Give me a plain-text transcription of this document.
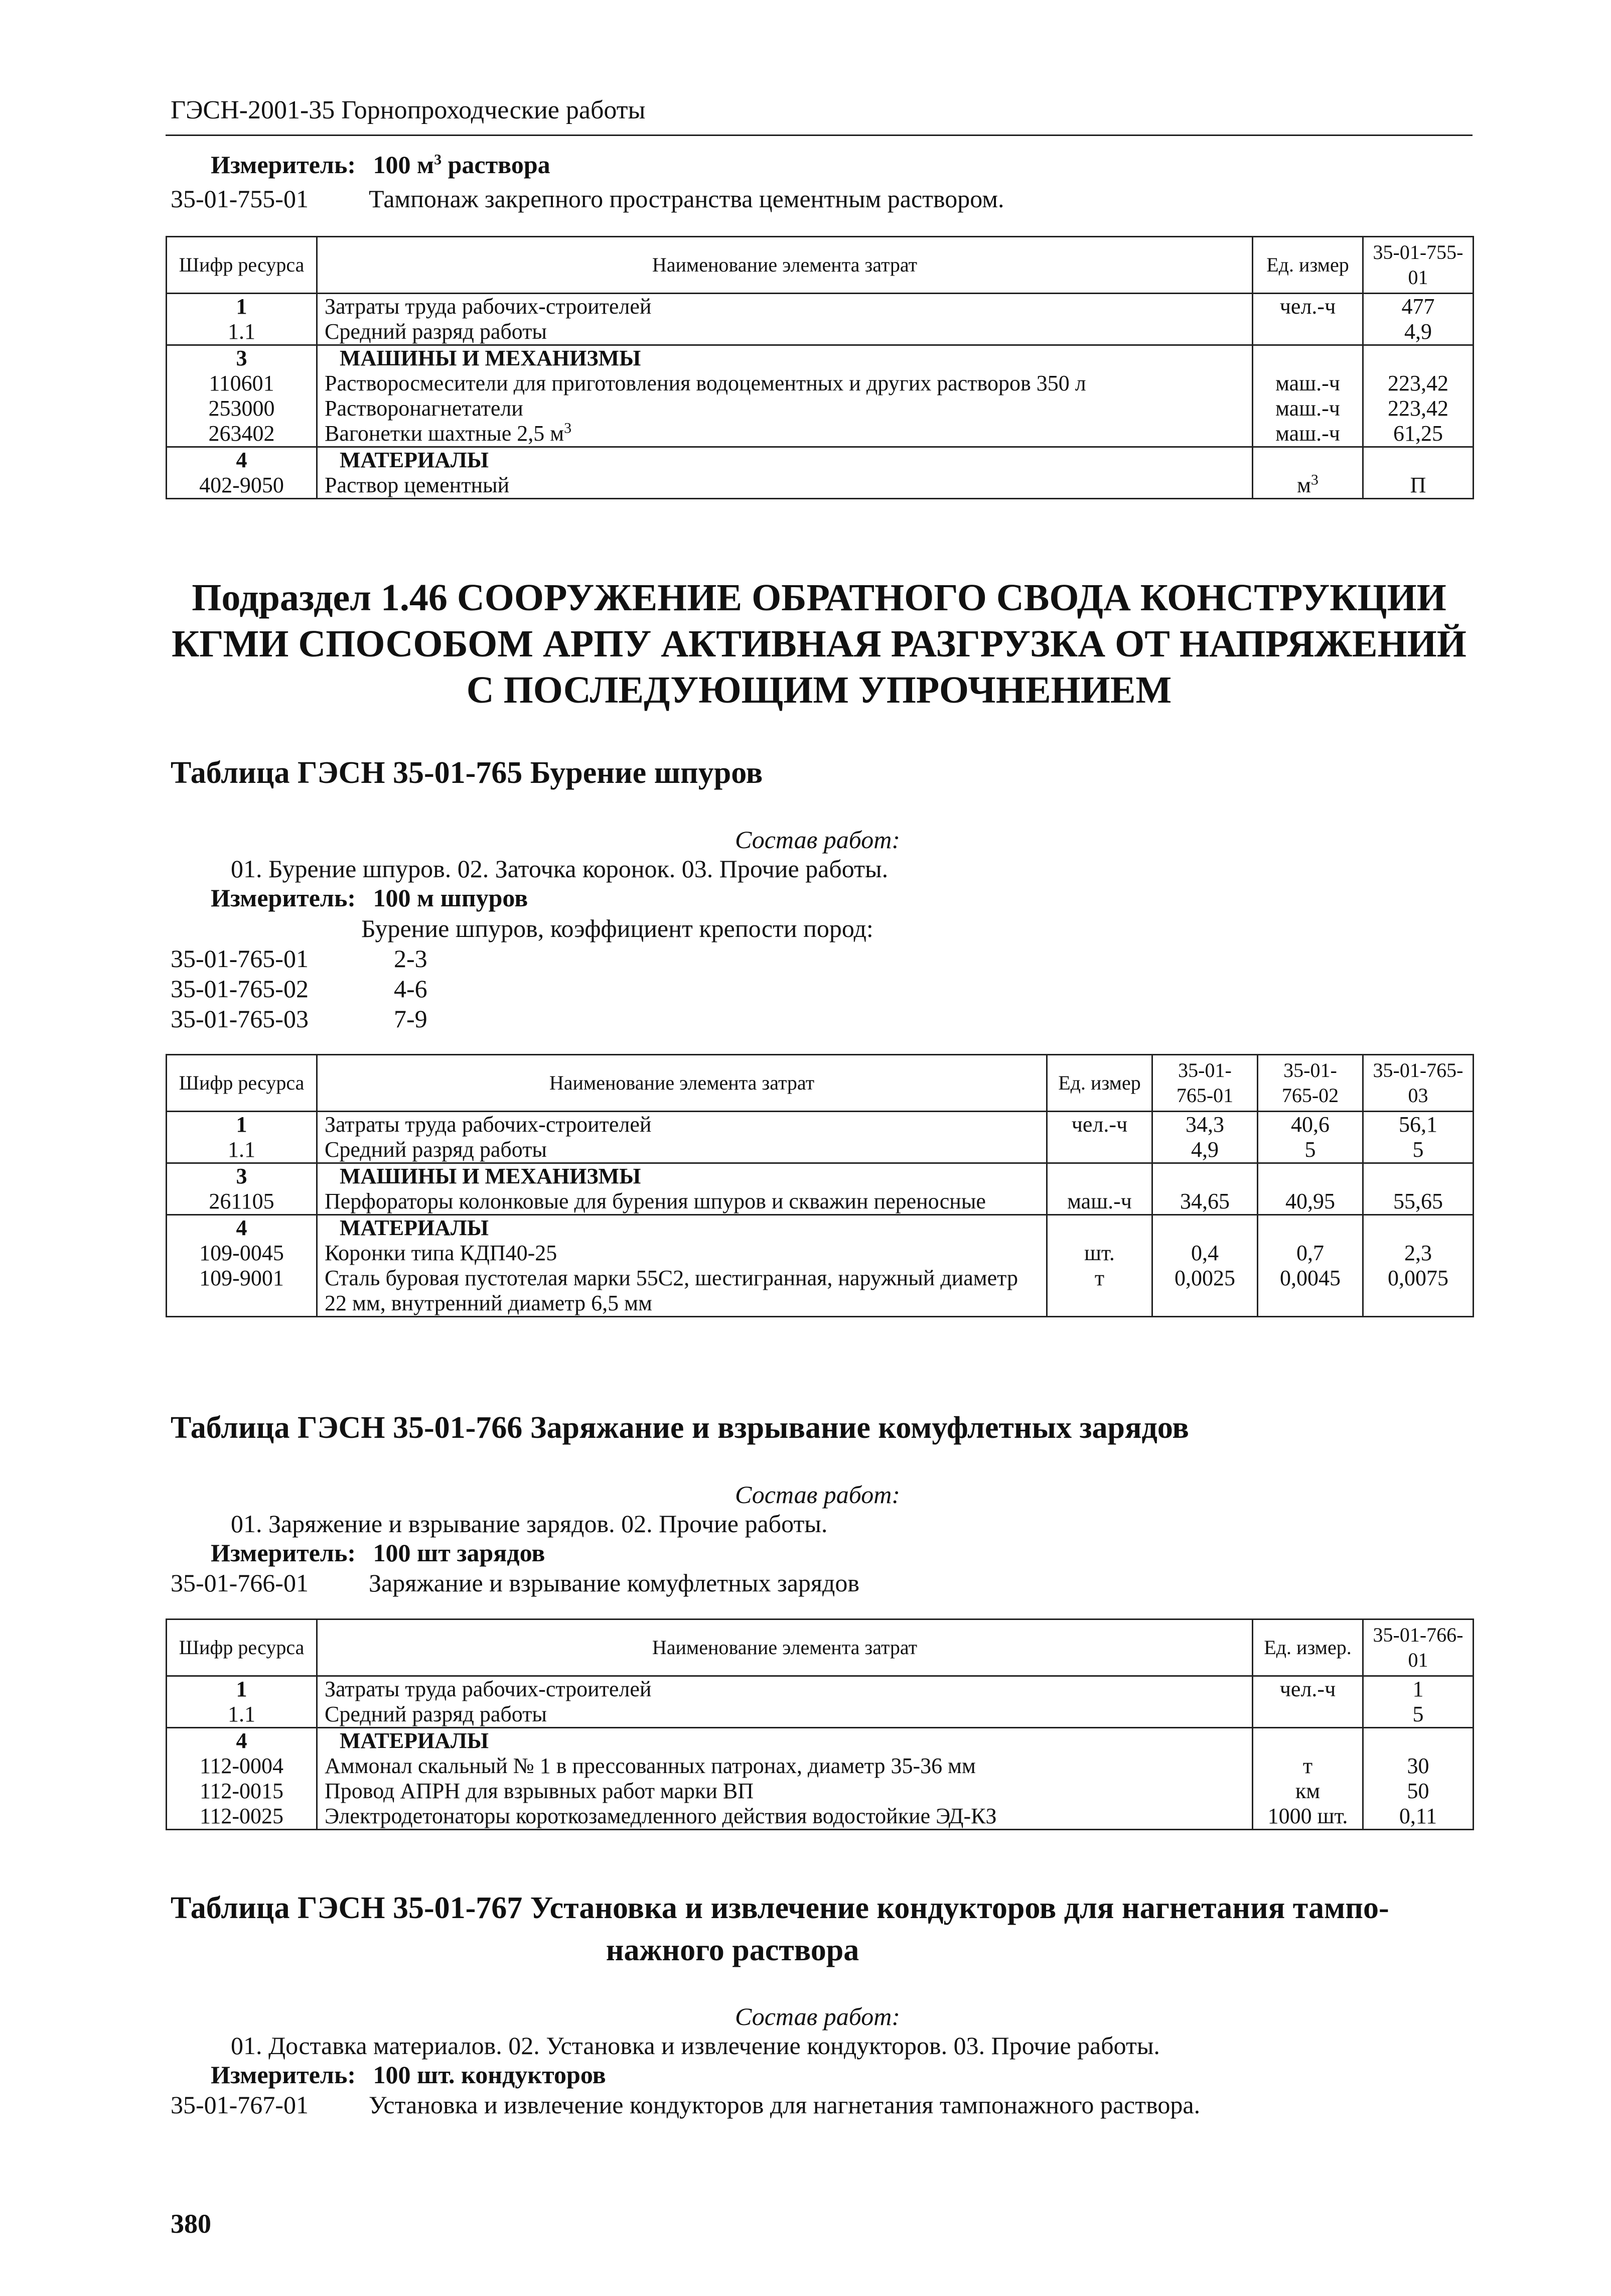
ГЭСН-2001-35 Горнопроходческие работы
Измеритель: 100 $м^3$ раствора
35-01-755-01 Тампонаж закрепного пространства цементным раствором.
Шифр ресурса	Наименование элемента затрат	Ед. измер	35-01-755-01
1	Затраты труда рабочих-строителей	чел.-ч	477
1.1	Средний разряд работы		4,9
3	МАШИНЫ И МЕХАНИЗМЫ		
110601	Растворосмесители для приготовления водоцементных и других растворов 350 л	маш.-ч	223,42
253000	Растворонагнетатели	маш.-ч	223,42
263402	Вагонетки шахтные 2,5 $м^3$	маш.-ч	61,25
4	МАТЕРИАЛЫ		
402-9050	Раствор цементный	$м^3$	П
Подраздел 1.46 СООРУЖЕНИЕ ОБРАТНОГО СВОДА КОНСТРУКЦИИ
КГМИ СПОСОБОМ АРПУ АКТИВНАЯ РАЗГРУЗКА ОТ НАПРЯЖЕНИЙ
С ПОСЛЕДУЮЩИМ УПРОЧНЕНИЕМ
Таблица ГЭСН 35-01-765 Бурение шпуров
Состав работ:
01. Бурение шпуров. 02. Заточка коронок. 03. Прочие работы.
Измеритель: 100 м шпуров
Бурение шпуров, коэффициент крепости пород:
35-01-765-01	2-3
35-01-765-02	4-6
35-01-765-03	7-9
Шифр ресурса	Наименование элемента затрат	Ед. измер	35-01-765-01	35-01-765-02	35-01-765-03
1	Затраты труда рабочих-строителей	чел.-ч	34,3	40,6	56,1
1.1	Средний разряд работы		4,9	5	5
3	МАШИНЫ И МЕХАНИЗМЫ				
261105	Перфораторы колонковые для бурения шпуров и скважин переносные	маш.-ч	34,65	40,95	55,65
4	МАТЕРИАЛЫ				
109-0045	Коронки типа КДП40-25	шт.	0,4	0,7	2,3
109-9001	Сталь буровая пустотелая марки 55С2, шестигранная, наружный диаметр 22 мм, внутренний диаметр 6,5 мм	т	0,0025	0,0045	0,0075
Таблица ГЭСН 35-01-766 Заряжание и взрывание комуфлетных зарядов
Состав работ:
01. Заряжение и взрывание зарядов. 02. Прочие работы.
Измеритель: 100 шт зарядов
35-01-766-01 Заряжание и взрывание комуфлетных зарядов
Шифр ресурса	Наименование элемента затрат	Ед. измер.	35-01-766-01
1	Затраты труда рабочих-строителей	чел.-ч	1
1.1	Средний разряд работы		5
4	МАТЕРИАЛЫ		
112-0004	Аммонал скальный № 1 в прессованных патронах, диаметр 35-36 мм	т	30
112-0015	Провод АПРН для взрывных работ марки ВП	км	50
112-0025	Электродетонаторы короткозамедленного действия водостойкие ЭД-КЗ	1000 шт.	0,11
Таблица ГЭСН 35-01-767 Установка и извлечение кондукторов для нагнетания тампо-
нажного раствора
Состав работ:
01. Доставка материалов. 02. Установка и извлечение кондукторов. 03. Прочие работы.
Измеритель: 100 шт. кондукторов
35-01-767-01 Установка и извлечение кондукторов для нагнетания тампонажного раствора.
380
